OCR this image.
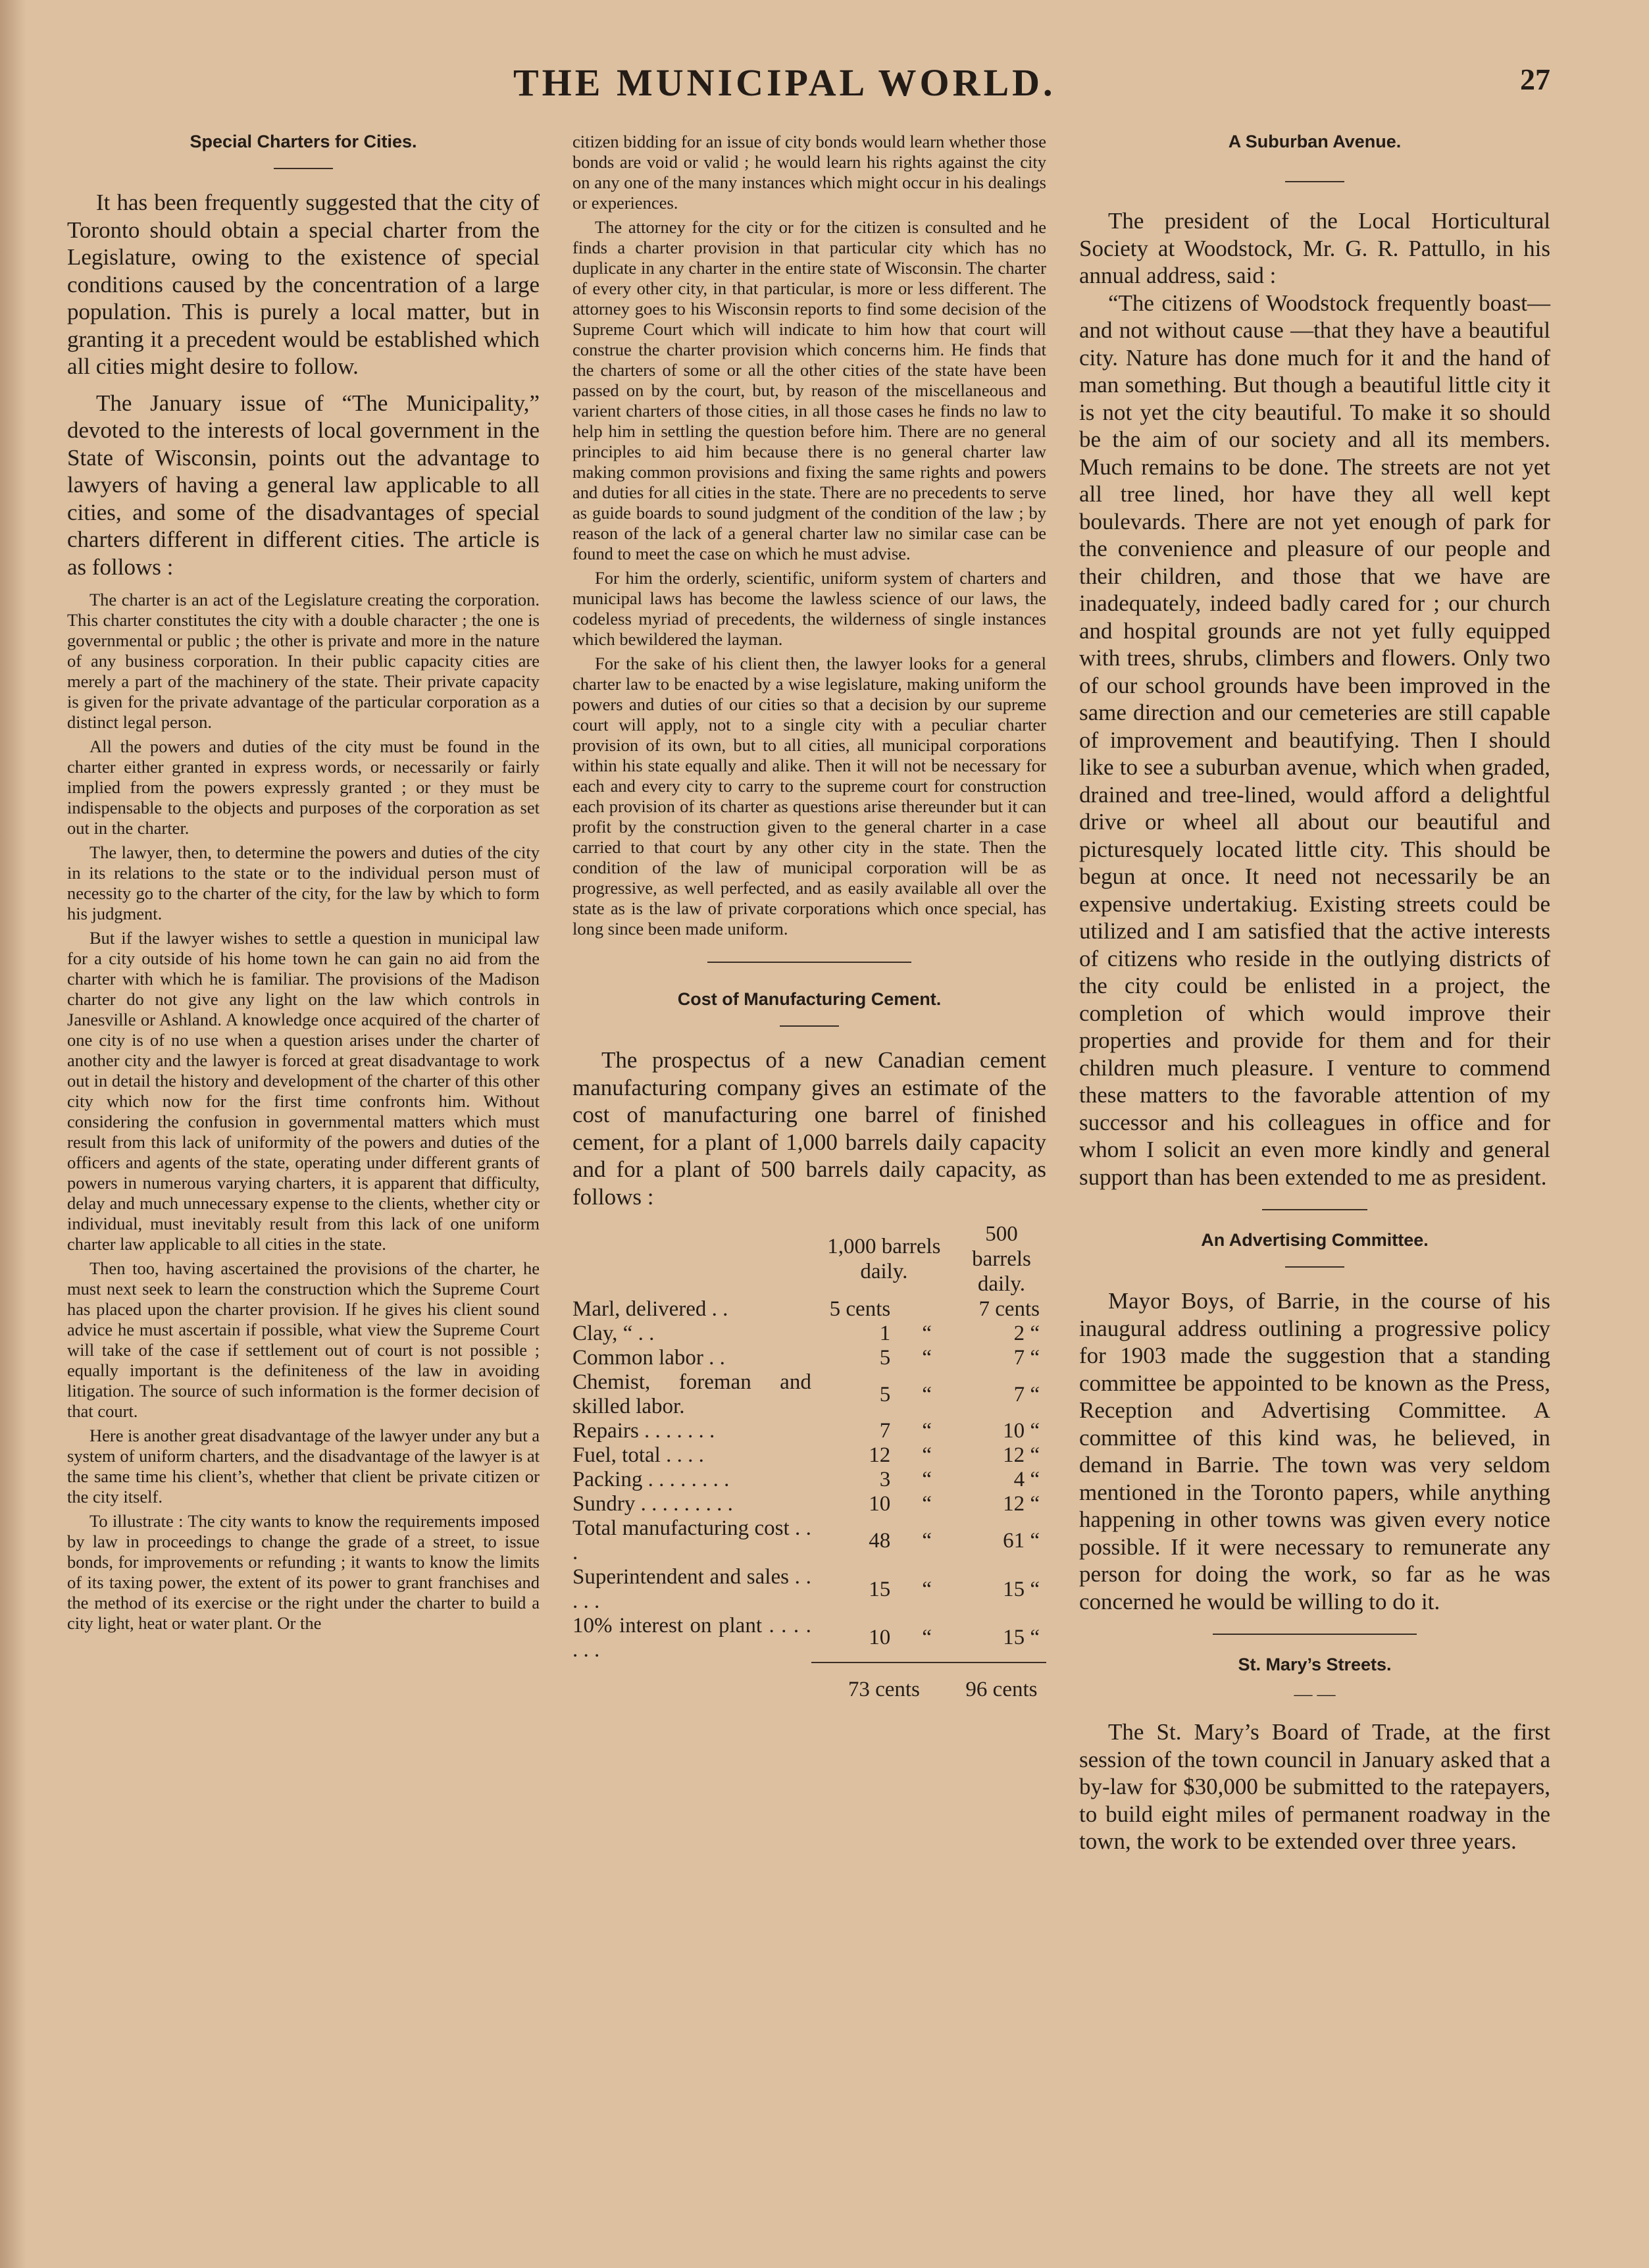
THE MUNICIPAL WORLD.	27
Special Charters for Cities.

It has been frequently suggested that the city of Toronto should obtain a special charter from the Legislature, owing to the existence of special conditions caused by the concentration of a large population. This is purely a local matter, but in granting it a precedent would be established which all cities might desire to follow.

The January issue of “The Municipality,” devoted to the interests of local government in the State of Wisconsin, points out the advantage to lawyers of having a general law applicable to all cities, and some of the disadvantages of special charters different in different cities. The article is as follows :

The charter is an act of the Legislature creating the corporation. This charter constitutes the city with a double character ; the one is governmental or public ; the other is private and more in the nature of any business corporation. In their public capacity cities are merely a part of the machinery of the state. Their private capacity is given for the private advantage of the particular corporation as a distinct legal person.

All the powers and duties of the city must be found in the charter either granted in express words, or necessarily or fairly implied from the powers expressly granted ; or they must be indispensable to the objects and purposes of the corporation as set out in the charter.

The lawyer, then, to determine the powers and duties of the city in its relations to the state or to the individual person must of necessity go to the charter of the city, for the law by which to form his judgment.

But if the lawyer wishes to settle a question in municipal law for a city outside of his home town he can gain no aid from the charter with which he is familiar. The provisions of the Madison charter do not give any light on the law which controls in Janesville or Ashland. A knowledge once acquired of the charter of one city is of no use when a question arises under the charter of another city and the lawyer is forced at great disadvantage to work out in detail the history and development of the charter of this other city which now for the first time confronts him. Without considering the confusion in governmental matters which must result from this lack of uniformity of the powers and duties of the officers and agents of the state, operating under different grants of powers in numerous varying charters, it is apparent that difficulty, delay and much unnecessary expense to the clients, whether city or individual, must inevitably result from this lack of one uniform charter law applicable to all cities in the state.

Then too, having ascertained the provisions of the charter, he must next seek to learn the construction which the Supreme Court has placed upon the charter provision. If he gives his client sound advice he must ascertain if possible, what view the Supreme Court will take of the case if settlement out of court is not possible ; equally important is the definiteness of the law in avoiding litigation. The source of such information is the former decision of that court.

Here is another great disadvantage of the lawyer under any but a system of uniform charters, and the disadvantage of the lawyer is at the same time his client’s, whether that client be private citizen or the city itself.

To illustrate : The city wants to know the requirements imposed by law in proceedings to change the grade of a street, to issue bonds, for improvements or refunding ; it wants to know the limits of its taxing power, the extent of its power to grant franchises and the method of its exercise or the right under the charter to build a city light, heat or water plant. Or the

citizen bidding for an issue of city bonds would learn whether those bonds are void or valid ; he would learn his rights against the city on any one of the many instances which might occur in his dealings or experiences.

The attorney for the city or for the citizen is consulted and he finds a charter provision in that particular city which has no duplicate in any charter in the entire state of Wisconsin. The charter of every other city, in that particular, is more or less different. The attorney goes to his Wisconsin reports to find some decision of the Supreme Court which will indicate to him how that court will construe the charter provision which concerns him. He finds that the charters of some or all the other cities of the state have been passed on by the court, but, by reason of the miscellaneous and varient charters of those cities, in all those cases he finds no law to help him in settling the question before him. There are no general principles to aid him because there is no general charter law making common provisions and fixing the same rights and powers and duties for all cities in the state. There are no precedents to serve as guide boards to sound judgment of the condition of the law ; by reason of the lack of a general charter law no similar case can be found to meet the case on which he must advise.

For him the orderly, scientific, uniform system of charters and municipal laws has become the lawless science of our laws, the codeless myriad of precedents, the wilderness of single instances which bewildered the layman.

For the sake of his client then, the lawyer looks for a general charter law to be enacted by a wise legislature, making uniform the powers and duties of our cities so that a decision by our supreme court will apply, not to a single city with a peculiar charter provision of its own, but to all cities, all municipal corporations within his state equally and alike. Then it will not be necessary for each and every city to carry to the supreme court for construction each provision of its charter as questions arise thereunder but it can profit by the construction given to the general charter in a case carried to that court by any other city in the state. Then the condition of the law of municipal corporation will be as progressive, as well perfected, and as easily available all over the state as is the law of private corporations which once special, has long since been made uniform.

Cost of Manufacturing Cement.

The prospectus of a new Canadian cement manufacturing company gives an estimate of the cost of manufacturing one barrel of finished cement, for a plant of 1,000 barrels daily capacity and for a plant of 500 barrels daily capacity, as follows :

	1,000 barrels daily.		500 barrels daily.
Marl, delivered . .	5 cents		7 cents
Clay, “ . .	1	“	2 “
Common labor . .	5	“	7 “
Chemist, foreman and skilled labor.	5	“	7 “
Repairs . . . . . . .	7	“	10 “
Fuel, total . . . .	12	“	12 “
Packing . . . . . . . .	3	“	4 “
Sundry . . . . . . . . .	10	“	12 “
Total manufacturing cost . . .	48	“	61 “
Superintendent and sales . . . . .	15	“	15 “
10% interest on plant . . . . . . .	10	“	15 “
	73 cents		96 cents
A Suburban Avenue.

The president of the Local Horticultural Society at Woodstock, Mr. G. R. Pattullo, in his annual address, said :

“The citizens of Woodstock frequently boast—and not without cause —that they have a beautiful city. Nature has done much for it and the hand of man something. But though a beautiful little city it is not yet the city beautiful. To make it so should be the aim of our society and all its members. Much remains to be done. The streets are not yet all tree lined, hor have they all well kept boulevards. There are not yet enough of park for the convenience and pleasure of our people and their children, and those that we have are inadequately, indeed badly cared for ; our church and hospital grounds are not yet fully equipped with trees, shrubs, climbers and flowers. Only two of our school grounds have been improved in the same direction and our cemeteries are still capable of improvement and beautifying. Then I should like to see a suburban avenue, which when graded, drained and tree-lined, would afford a delightful drive or wheel all about our beautiful and picturesquely located little city. This should be begun at once. It need not necessarily be an expensive undertakiug. Existing streets could be utilized and I am satisfied that the active interests of citizens who reside in the outlying districts of the city could be enlisted in a project, the completion of which would improve their properties and provide for them and for their children much pleasure. I venture to commend these matters to the favorable attention of my successor and his colleagues in office and for whom I solicit an even more kindly and general support than has been extended to me as president.

An Advertising Committee.

Mayor Boys, of Barrie, in the course of his inaugural address outlining a progressive policy for 1903 made the suggestion that a standing committee be appointed to be known as the Press, Reception and Advertising Committee. A committee of this kind was, he believed, in demand in Barrie. The town was very seldom mentioned in the Toronto papers, while anything happening in other towns was given every notice possible. If it were necessary to remunerate any person for doing the work, so far as he was concerned he would be willing to do it.

St. Mary’s Streets.
— —

The St. Mary’s Board of Trade, at the first session of the town council in January asked that a by-law for $30,000 be submitted to the ratepayers, to build eight miles of permanent roadway in the town, the work to be extended over three years.
